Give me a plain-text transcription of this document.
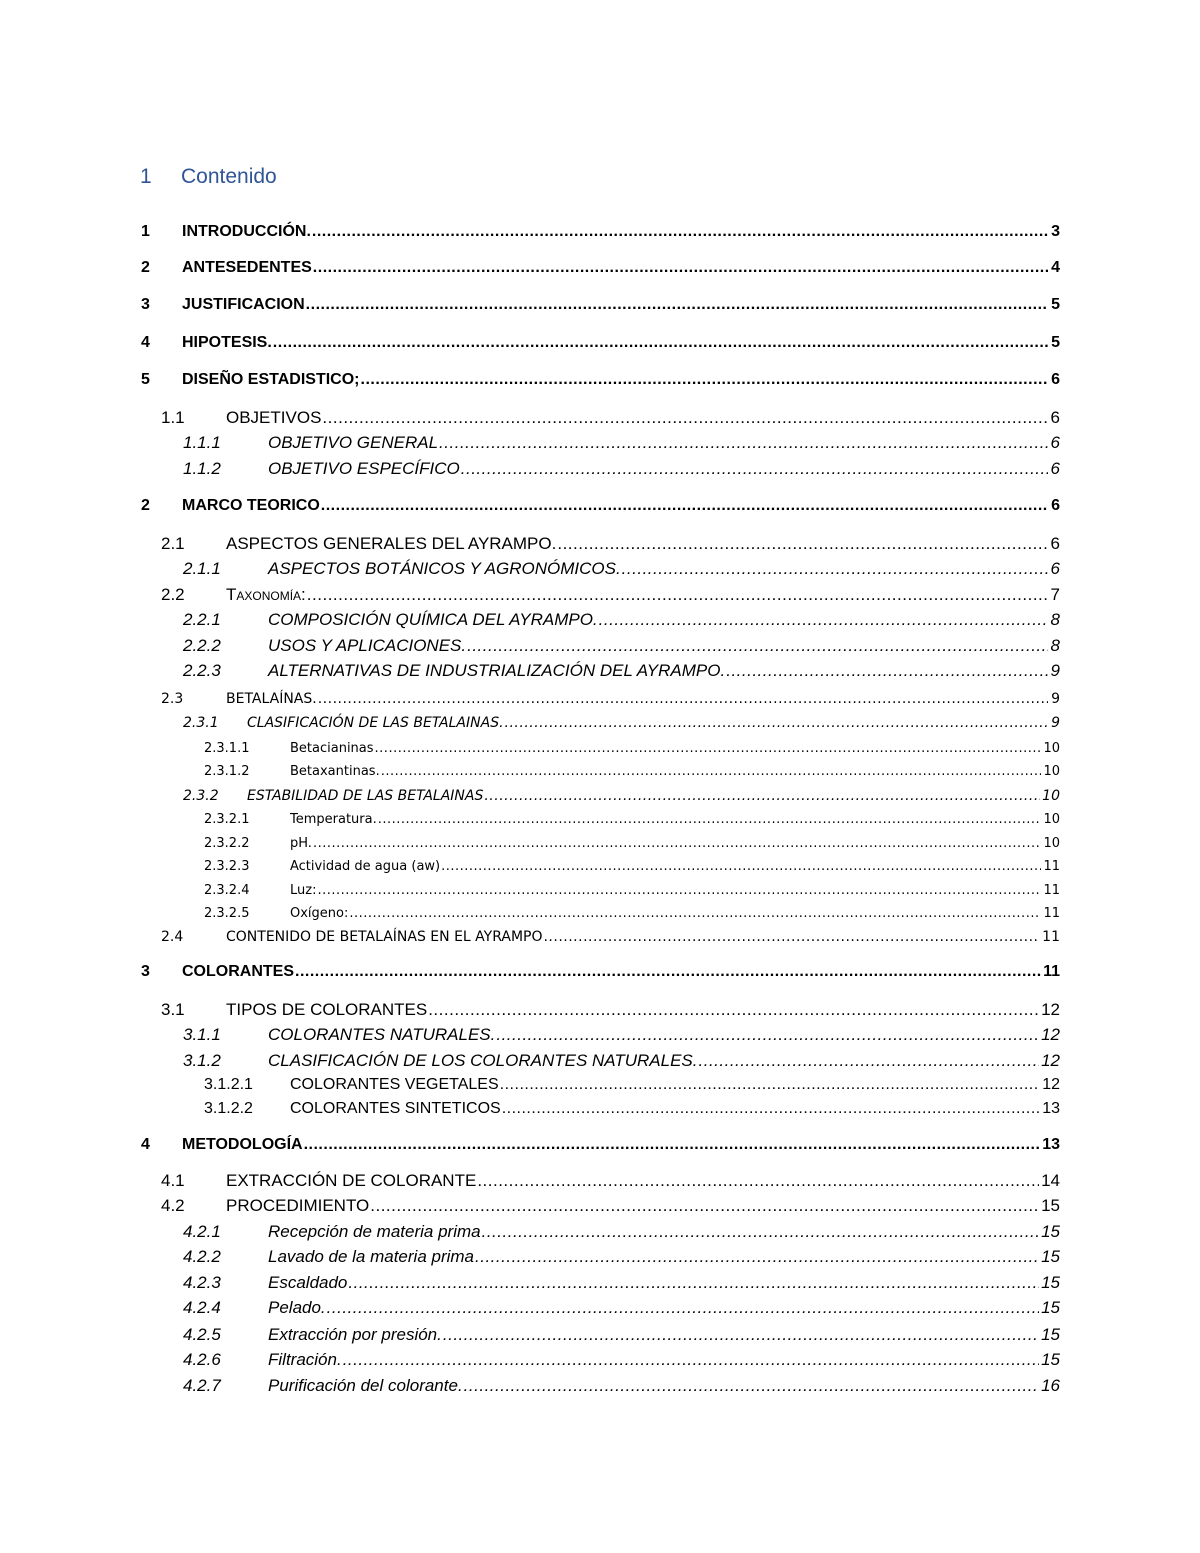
1 Contenido
1 INTRODUCCIÓN. .....	3
2 ANTESEDENTES .....	4
3 JUSTIFICACION .....	5
4 HIPOTESIS. .....	5
5 DISEÑO ESTADISTICO; .....	6
1.1 OBJETIVOS .....	6
1.1.1	OBJETIVO GENERAL .....	6
1.1.2	OBJETIVO ESPECÍFICO .....	6
2 MARCO TEORICO .....	6
2.1 ASPECTOS GENERALES DEL AYRAMPO. .....	6
2.1.1	ASPECTOS BOTÁNICOS Y AGRONÓMICOS. .....	6
2.2 Taxonomía: .....	7
2.2.1	COMPOSICIÓN QUÍMICA DEL AYRAMPO. .....	8
2.2.2	USOS Y APLICACIONES. .....	8
2.2.3	ALTERNATIVAS DE INDUSTRIALIZACIÓN DEL AYRAMPO. .....	9
2.3	BETALAÍNAS. .....	9
2.3.1 CLASIFICACIÓN DE LAS BETALAINAS. .....	9
2.3.1.1	Betacianinas .....	10
2.3.1.2	Betaxantinas. .....	10
2.3.2 ESTABILIDAD DE LAS BETALAINAS .....	10
2.3.2.1	Temperatura. .....	10
2.3.2.2	pH. .....	10
2.3.2.3	Actividad de agua (aw) .....	11
2.3.2.4	Luz: .....	11
2.3.2.5	Oxígeno: .....	11
2.4	CONTENIDO DE BETALAÍNAS EN EL AYRAMPO .....	11
3 COLORANTES .....	11
3.1 TIPOS DE COLORANTES .....	12
3.1.1	COLORANTES NATURALES. .....	12
3.1.2	CLASIFICACIÓN DE LOS COLORANTES NATURALES. .....	12
3.1.2.1 COLORANTES VEGETALES .....	12
3.1.2.2 COLORANTES SINTETICOS .....	13
4 METODOLOGÍA .....	13
4.1 EXTRACCIÓN DE COLORANTE .....	14
4.2 PROCEDIMIENTO .....	15
4.2.1	Recepción de materia prima .....	15
4.2.2	Lavado de la materia prima .....	15
4.2.3	Escaldado .....	15
4.2.4	Pelado. .....	15
4.2.5	Extracción por presión. .....	15
4.2.6	Filtración. .....	15
4.2.7	Purificación del colorante. .....	16
